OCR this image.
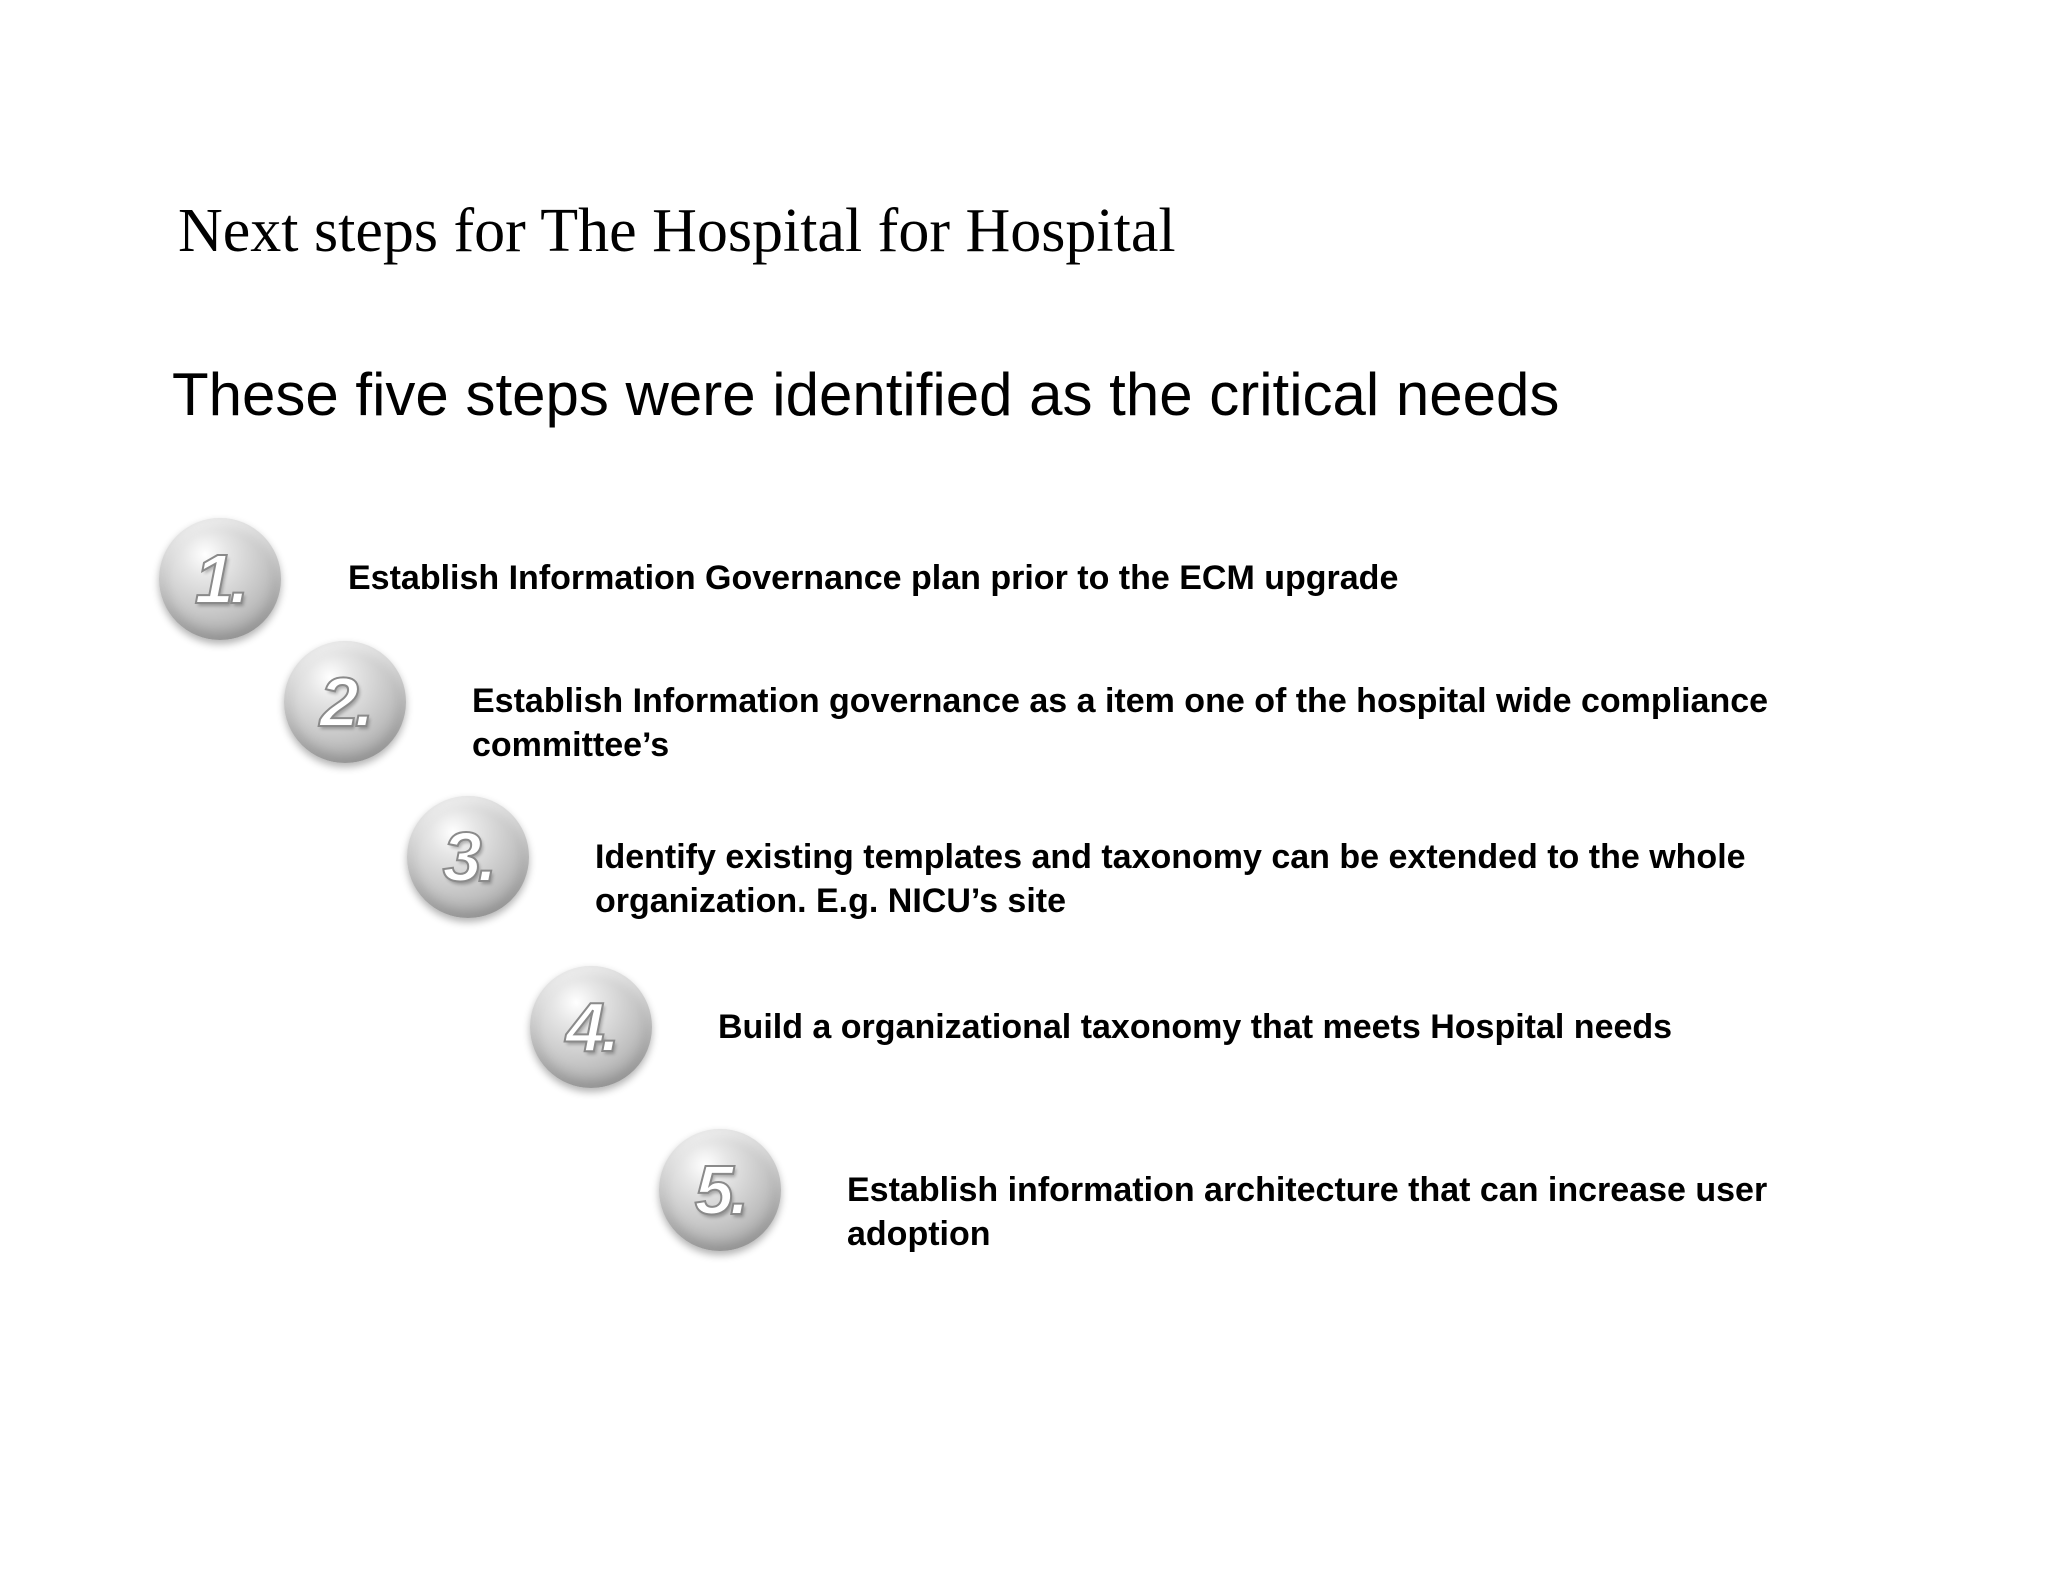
Next steps for The Hospital for Hospital
These five steps were identified as the critical needs
1.	Establish Information Governance plan prior to the ECM upgrade
2.	Establish Information governance as a item one of the hospital wide compliance
committee’s
3.	Identify existing templates and taxonomy can be extended to the whole
organization. E.g. NICU’s site
4.	Build a organizational taxonomy that meets Hospital needs
5.	Establish information architecture that can increase user
adoption
